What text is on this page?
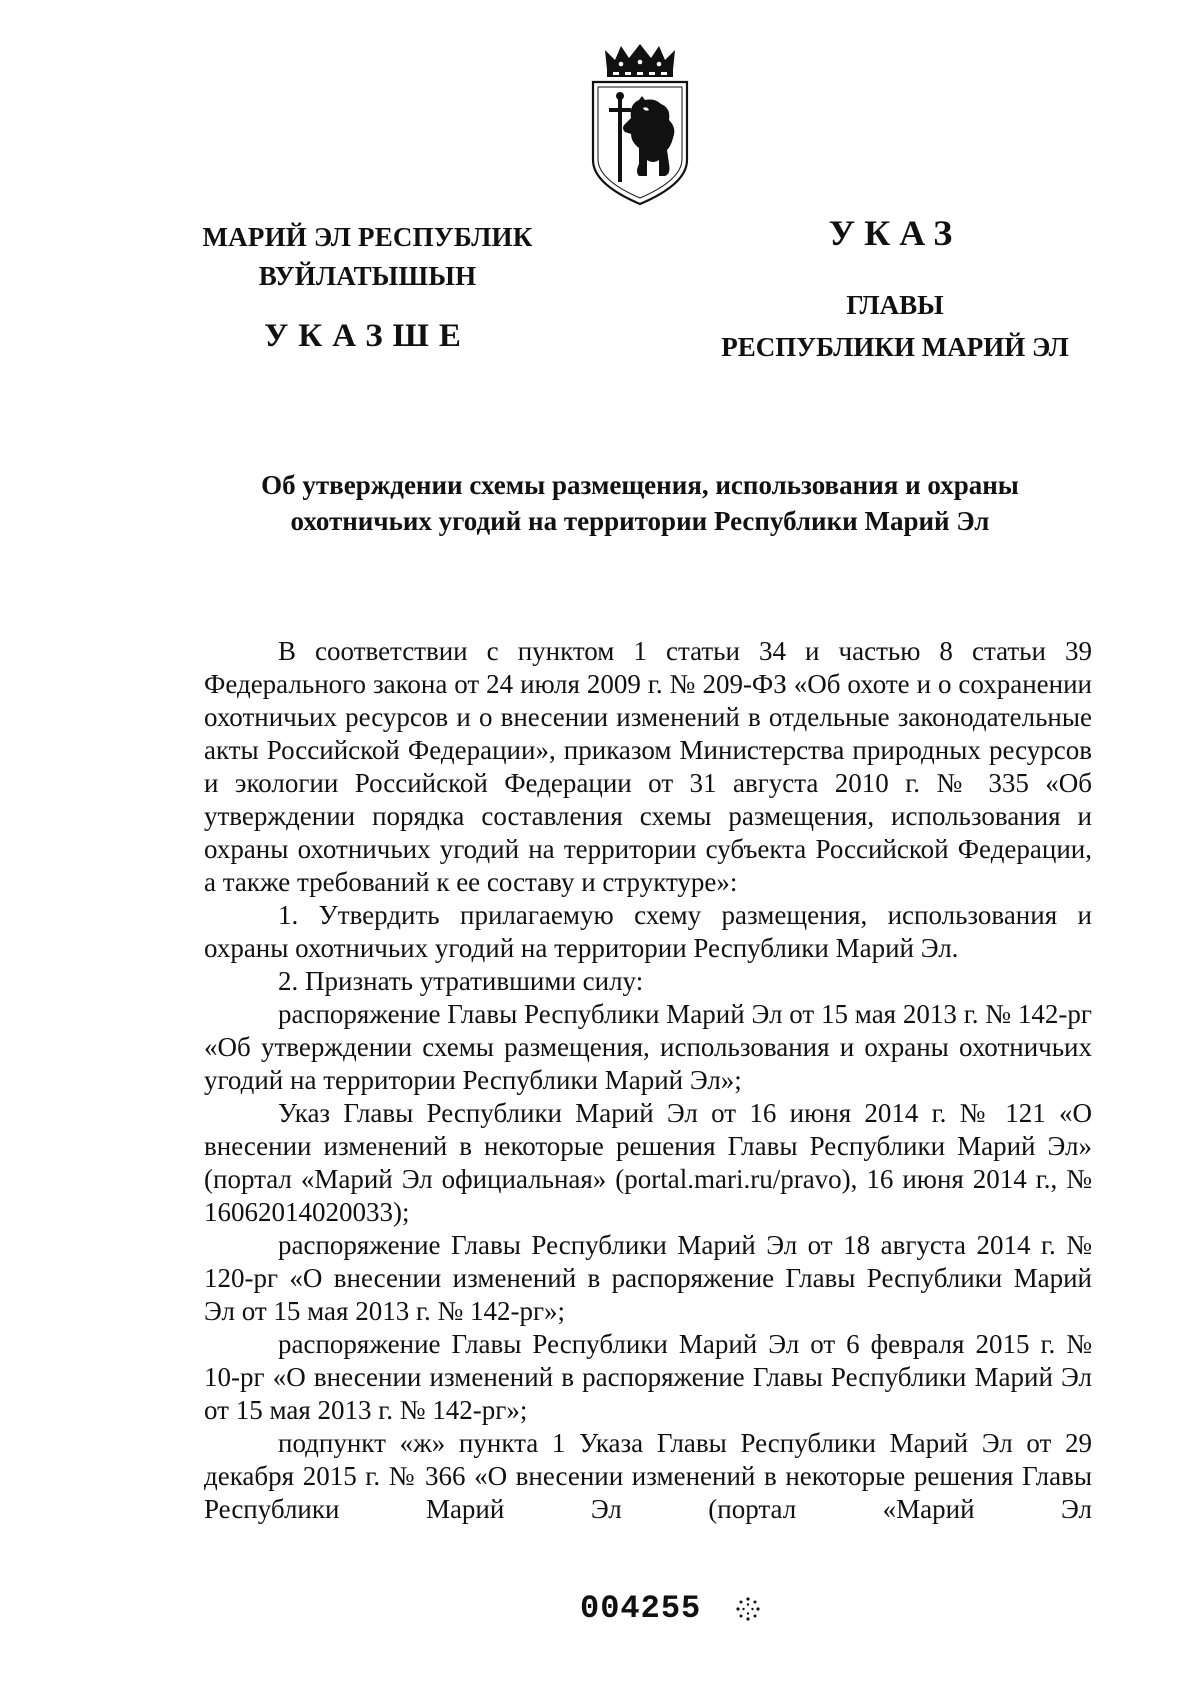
МАРИЙ ЭЛ РЕСПУБЛИК
ВУЙЛАТЫШЫН
УКАЗШЕ
УКАЗ
ГЛАВЫ
РЕСПУБЛИКИ МАРИЙ ЭЛ
Об утверждении схемы размещения, использования и охраны
охотничьих угодий на территории Республики Марий Эл

В соответствии с пунктом 1 статьи 34 и частью 8 статьи 39 Федерального закона от 24 июля 2009 г. № 209-ФЗ «Об охоте и о сохранении охотничьих ресурсов и о внесении изменений в отдельные законодательные акты Российской Федерации», приказом Министерства природных ресурсов и экологии Российской Федерации от 31 августа 2010 г. № 335 «Об утверждении порядка составления схемы размещения, использования и охраны охотничьих угодий на территории субъекта Российской Федерации, а также требований к ее составу и структуре»:

1. Утвердить прилагаемую схему размещения, использования и охраны охотничьих угодий на территории Республики Марий Эл.

2. Признать утратившими силу:

распоряжение Главы Республики Марий Эл от 15 мая 2013 г. № 142-рг «Об утверждении схемы размещения, использования и охраны охотничьих угодий на территории Республики Марий Эл»;

Указ Главы Республики Марий Эл от 16 июня 2014 г. № 121 «О внесении изменений в некоторые решения Главы Республики Марий Эл» (портал «Марий Эл официальная» (portal.mari.ru/pravo), 16 июня 2014 г., № 16062014020033);

распоряжение Главы Республики Марий Эл от 18 августа 2014 г. № 120-рг «О внесении изменений в распоряжение Главы Республики Марий Эл от 15 мая 2013 г. № 142-рг»;

распоряжение Главы Республики Марий Эл от 6 февраля 2015 г. № 10-рг «О внесении изменений в распоряжение Главы Республики Марий Эл от 15 мая 2013 г. № 142-рг»;

подпункт «ж» пункта 1 Указа Главы Республики Марий Эл от 29 декабря 2015 г. № 366 «О внесении изменений в некоторые решения Главы Республики Марий Эл (портал «Марий Эл

004255
